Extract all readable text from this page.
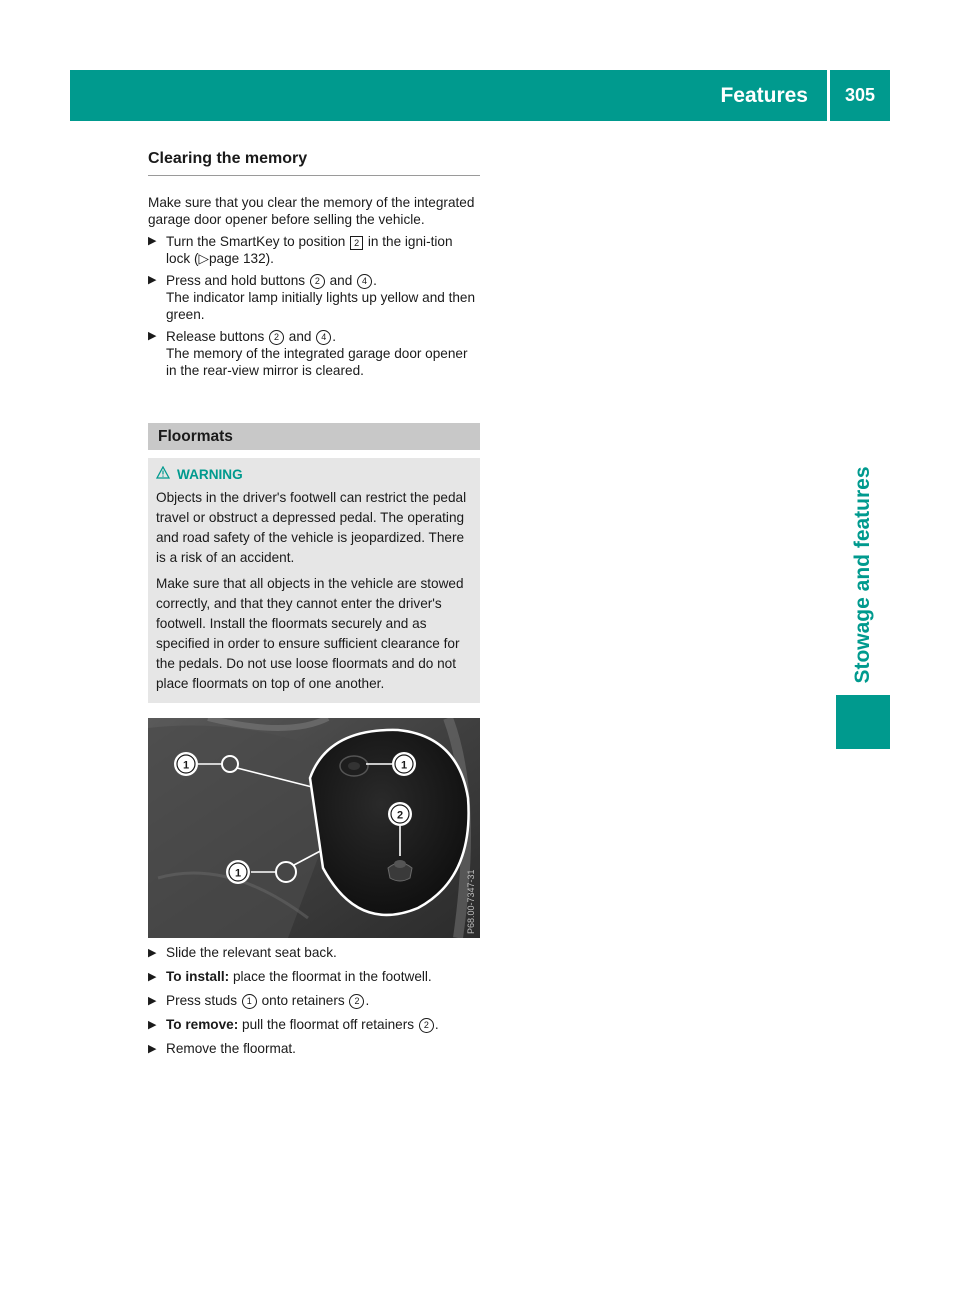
Features	305
Stowage and features
Clearing the memory

Make sure that you clear the memory of the integrated garage door opener before selling the vehicle.

▶ Turn the SmartKey to position 2 in the igni-tion lock (▷page 132).
▶ Press and hold buttons 2 and 4 .
The indicator lamp initially lights up yellow and then green.
▶ Release buttons 2 and 4 .
The memory of the integrated garage door opener in the rear-view mirror is cleared.
Floormats
WARNING

Objects in the driver's footwell can restrict the pedal travel or obstruct a depressed pedal. The operating and road safety of the vehicle is jeopardized. There is a risk of an accident.

Make sure that all objects in the vehicle are stowed correctly, and that they cannot enter the driver's footwell. Install the floormats securely and as specified in order to ensure sufficient clearance for the pedals. Do not use loose floormats and do not place floormats on top of one another.

1	1
1
2
P68.00-7347-31
▶ Slide the relevant seat back.
▶ To install: place the floormat in the footwell.
▶ Press studs 1 onto retainers 2 .
▶ To remove: pull the floormat off retainers 2 .
▶ Remove the floormat.
